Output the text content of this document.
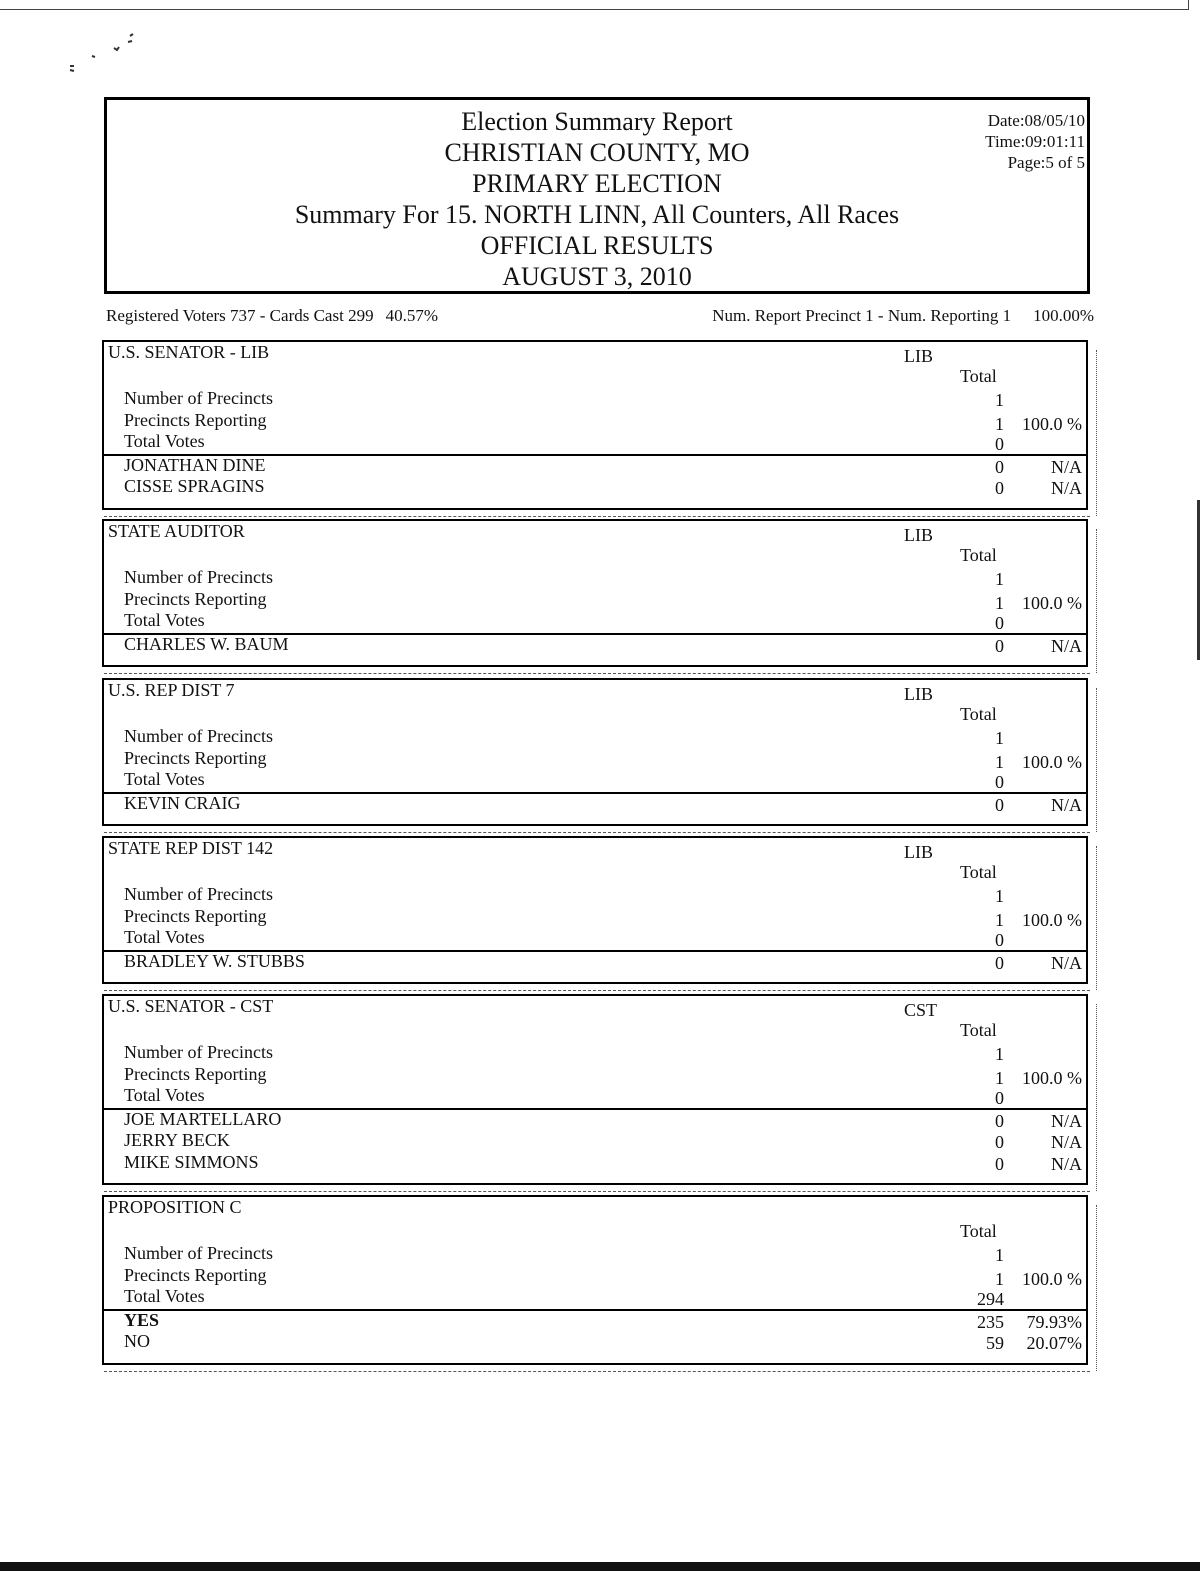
Election Summary Report
CHRISTIAN COUNTY, MO
PRIMARY ELECTION
Summary For 15. NORTH LINN, All Counters, All Races
OFFICIAL RESULTS
AUGUST 3, 2010
Date:08/05/10
Time:09:01:11
Page:5 of 5
Registered Voters 737 - Cards Cast 299 40.57%	Num. Report Precinct 1 - Num. Reporting 1 100.00%
U.S. SENATOR - LIB	LIB
Total
Number of Precincts	1
Precincts Reporting	1 100.0 %
Total Votes	0
JONATHAN DINE	0	N/A
CISSE SPRAGINS	0	N/A
STATE AUDITOR	LIB
Total
Number of Precincts	1
Precincts Reporting	1 100.0 %
Total Votes	0
CHARLES W. BAUM	0	N/A
U.S. REP DIST 7	LIB
Total
Number of Precincts	1
Precincts Reporting	1 100.0 %
Total Votes	0
KEVIN CRAIG	0	N/A
STATE REP DIST 142	LIB
Total
Number of Precincts	1
Precincts Reporting	1 100.0 %
Total Votes	0
BRADLEY W. STUBBS	0	N/A
U.S. SENATOR - CST	CST
Total
Number of Precincts	1
Precincts Reporting	1 100.0 %
Total Votes	0
JOE MARTELLARO	0	N/A
JERRY BECK	0	N/A
MIKE SIMMONS	0	N/A
PROPOSITION C
Total
Number of Precincts	1
Precincts Reporting	1 100.0 %
Total Votes	294
YES	235 79.93%
NO	59 20.07%
